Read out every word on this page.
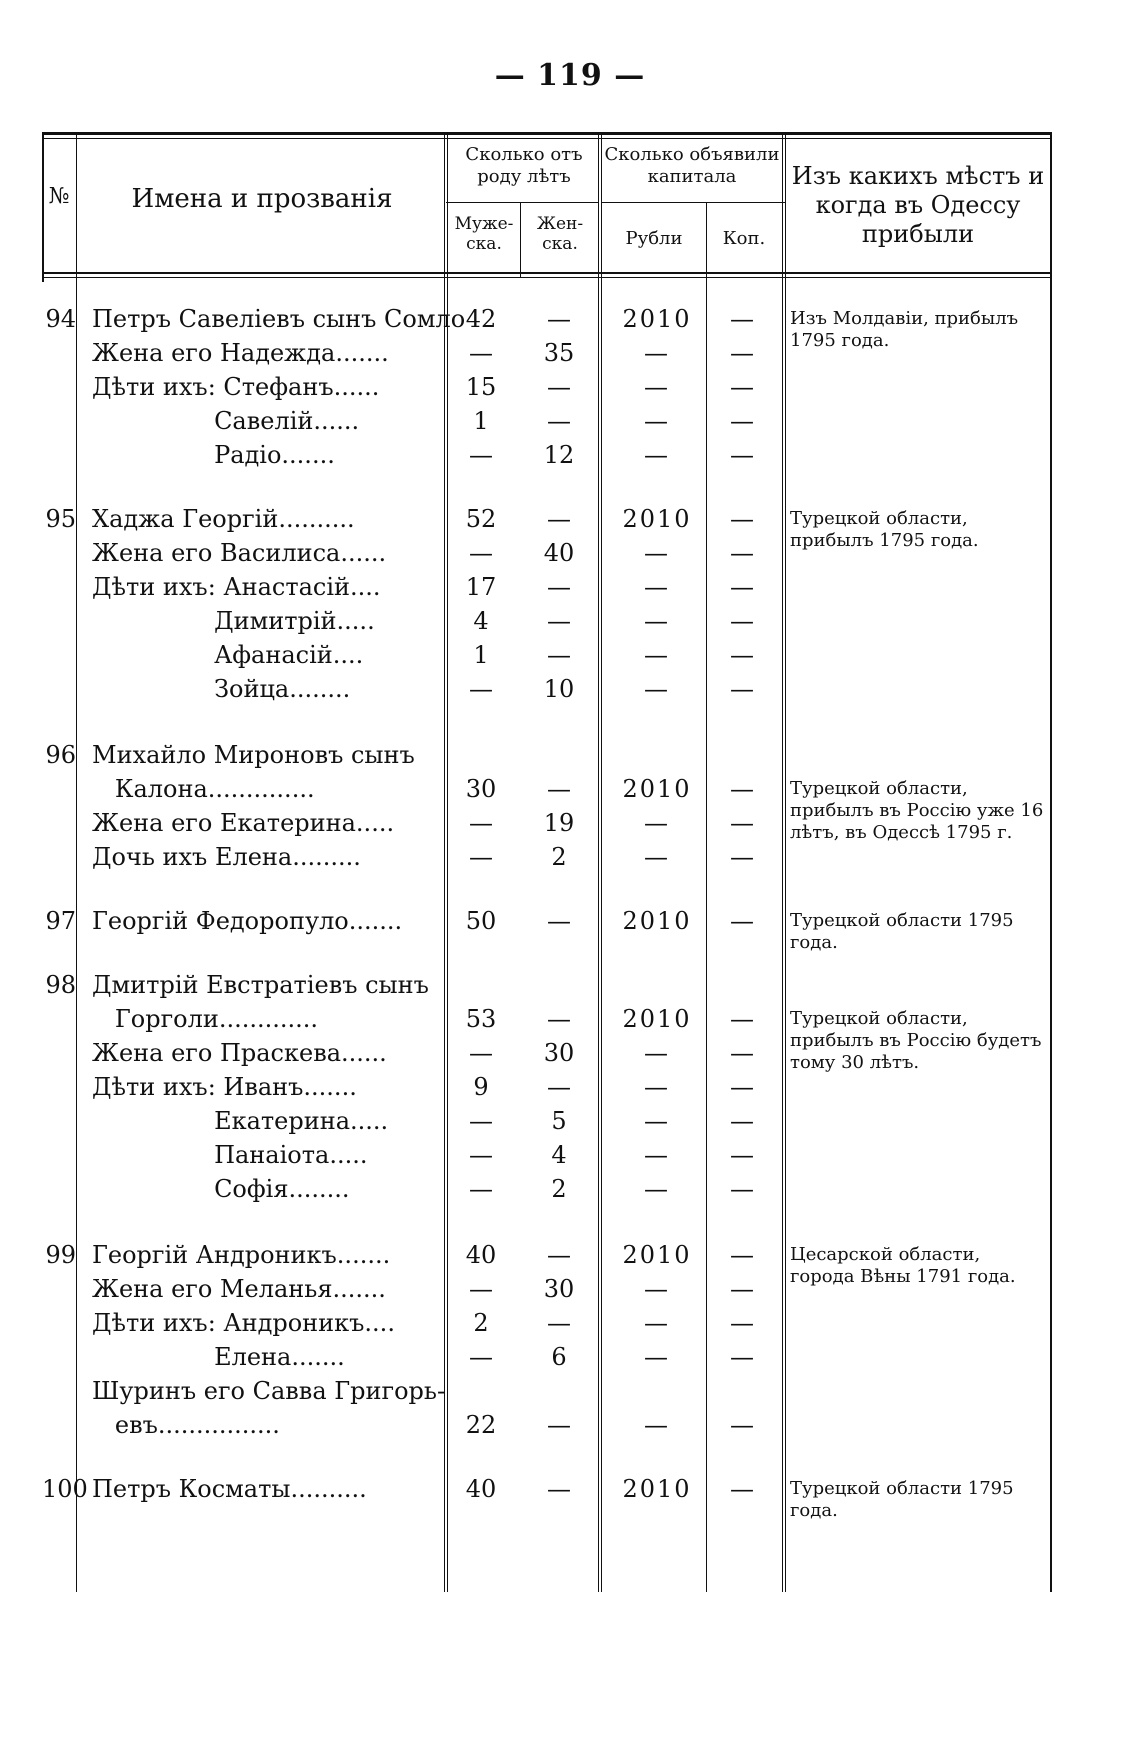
— 119 —
№	Имена и прозванія
Сколько отъ роду лѣтъ
Муже-ска.
Жен-ска.
Сколько объявили капитала
Рубли	Коп.
Изъ какихъ мѣстъ и когда въ Одессу прибыли
94 Петръ Савеліевъ сынъ Сомло 42	—	2010	—	Изъ Молдавіи, прибылъ 1795 года.
Жена его Надежда.......	—	35	—	—
Дѣти ихъ: Стефанъ......	15	—	—	—
Савелій......	1	—	—	—
Радіо.......	—	12	—	—
95 Хаджа Георгій..........	52	—	2010	—	Турецкой области, прибылъ 1795 года.
Жена его Василиса......	—	40	—	—
Дѣти ихъ: Анастасій....	17	—	—	—
Димитрій.....	4	—	—	—
Афанасій....	1	—	—	—
Зойца........	—	10	—	—
96 Михайло Мироновъ сынъ
Калона..............	30	—	2010	—	Турецкой области, прибылъ въ Россію уже 16 лѣтъ, въ Одессѣ 1795 г.
Жена его Екатерина.....	—	19	—	—
Дочь ихъ Елена.........	—	2	—	—
97 Георгій Федоропуло.......	50	—	2010	—	Турецкой области 1795 года.
98 Дмитрій Евстратіевъ сынъ
Горголи.............	53	—	2010	—	Турецкой области, прибылъ въ Россію будетъ тому 30 лѣтъ.
Жена его Праскева......	—	30	—	—
Дѣти ихъ: Иванъ.......	9	—	—	—
Екатерина.....	—	5	—	—
Панаіота.....	—	4	—	—
Софія........	—	2	—	—
99 Георгій Андроникъ.......	40	—	2010	—	Цесарской области, города Вѣны 1791 года.
Жена его Меланья.......	—	30	—	—
Дѣти ихъ: Андроникъ....	2	—	—	—
Елена.......	—	6	—	—
Шуринъ его Савва Григорь-
евъ................	22	—	—	—
100 Петръ Косматы..........	40	—	2010	—	Турецкой области 1795 года.
